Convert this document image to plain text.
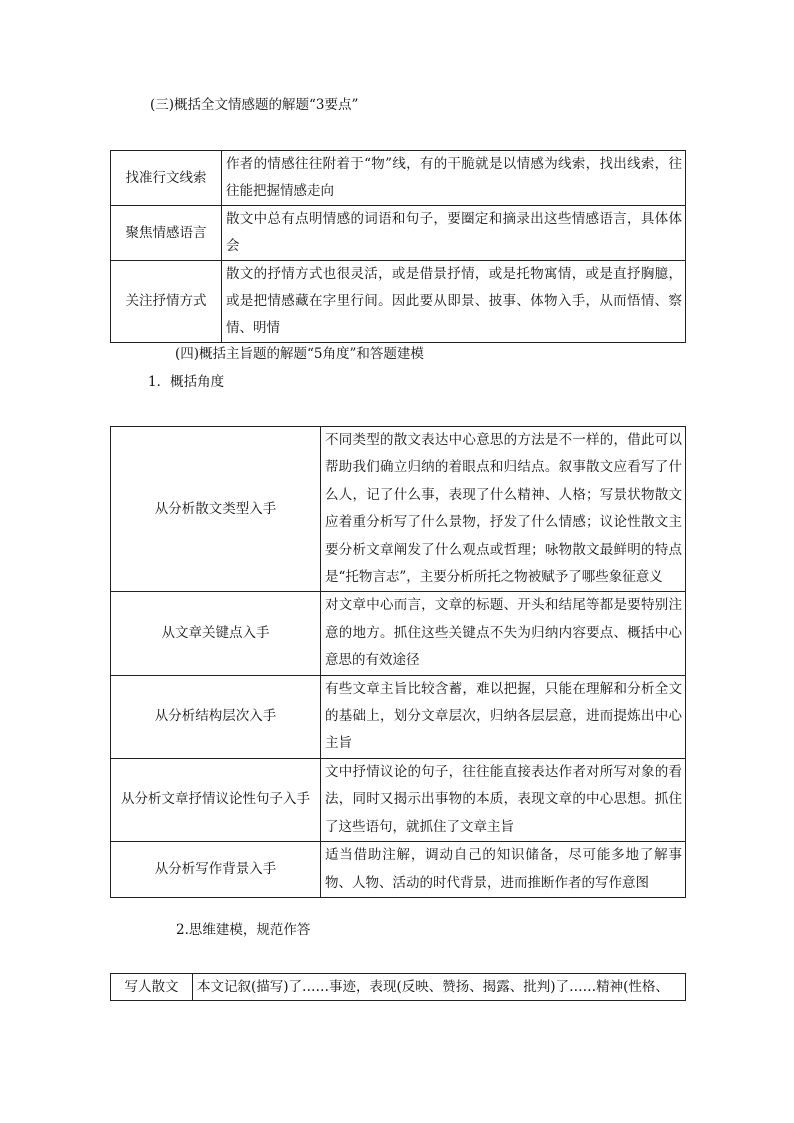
(三)概括全文情感题的解题“3要点”
找准行文线索	作者的情感往往附着于“物”线，有的干脆就是以情感为线索，找出线索，往往能把握情感走向
聚焦情感语言	散文中总有点明情感的词语和句子，要圈定和摘录出这些情感语言，具体体会
关注抒情方式	散文的抒情方式也很灵活，或是借景抒情，或是托物寓情，或是直抒胸臆，或是把情感藏在字里行间。因此要从即景、披事、体物入手，从而悟情、察情、明情
(四)概括主旨题的解题“5角度”和答题建模
1．概括角度
从分析散文类型入手	不同类型的散文表达中心意思的方法是不一样的，借此可以帮助我们确立归纳的着眼点和归结点。叙事散文应看写了什么人，记了什么事，表现了什么精神、人格；写景状物散文应着重分析写了什么景物，抒发了什么情感；议论性散文主要分析文章阐发了什么观点或哲理；咏物散文最鲜明的特点是“托物言志”，主要分析所托之物被赋予了哪些象征意义
从文章关键点入手	对文章中心而言，文章的标题、开头和结尾等都是要特别注意的地方。抓住这些关键点不失为归纳内容要点、概括中心意思的有效途径
从分析结构层次入手	有些文章主旨比较含蓄，难以把握，只能在理解和分析全文的基础上，划分文章层次，归纳各层层意，进而提炼出中心主旨
从分析文章抒情议论性句子入手	文中抒情议论的句子，往往能直接表达作者对所写对象的看法，同时又揭示出事物的本质，表现文章的中心思想。抓住了这些语句，就抓住了文章主旨
从分析写作背景入手	适当借助注解，调动自己的知识储备，尽可能多地了解事物、人物、活动的时代背景，进而推断作者的写作意图
2.思维建模，规范作答
写人散文	本文记叙(描写)了……事迹，表现(反映、赞扬、揭露、批判)了……精神(性格、
